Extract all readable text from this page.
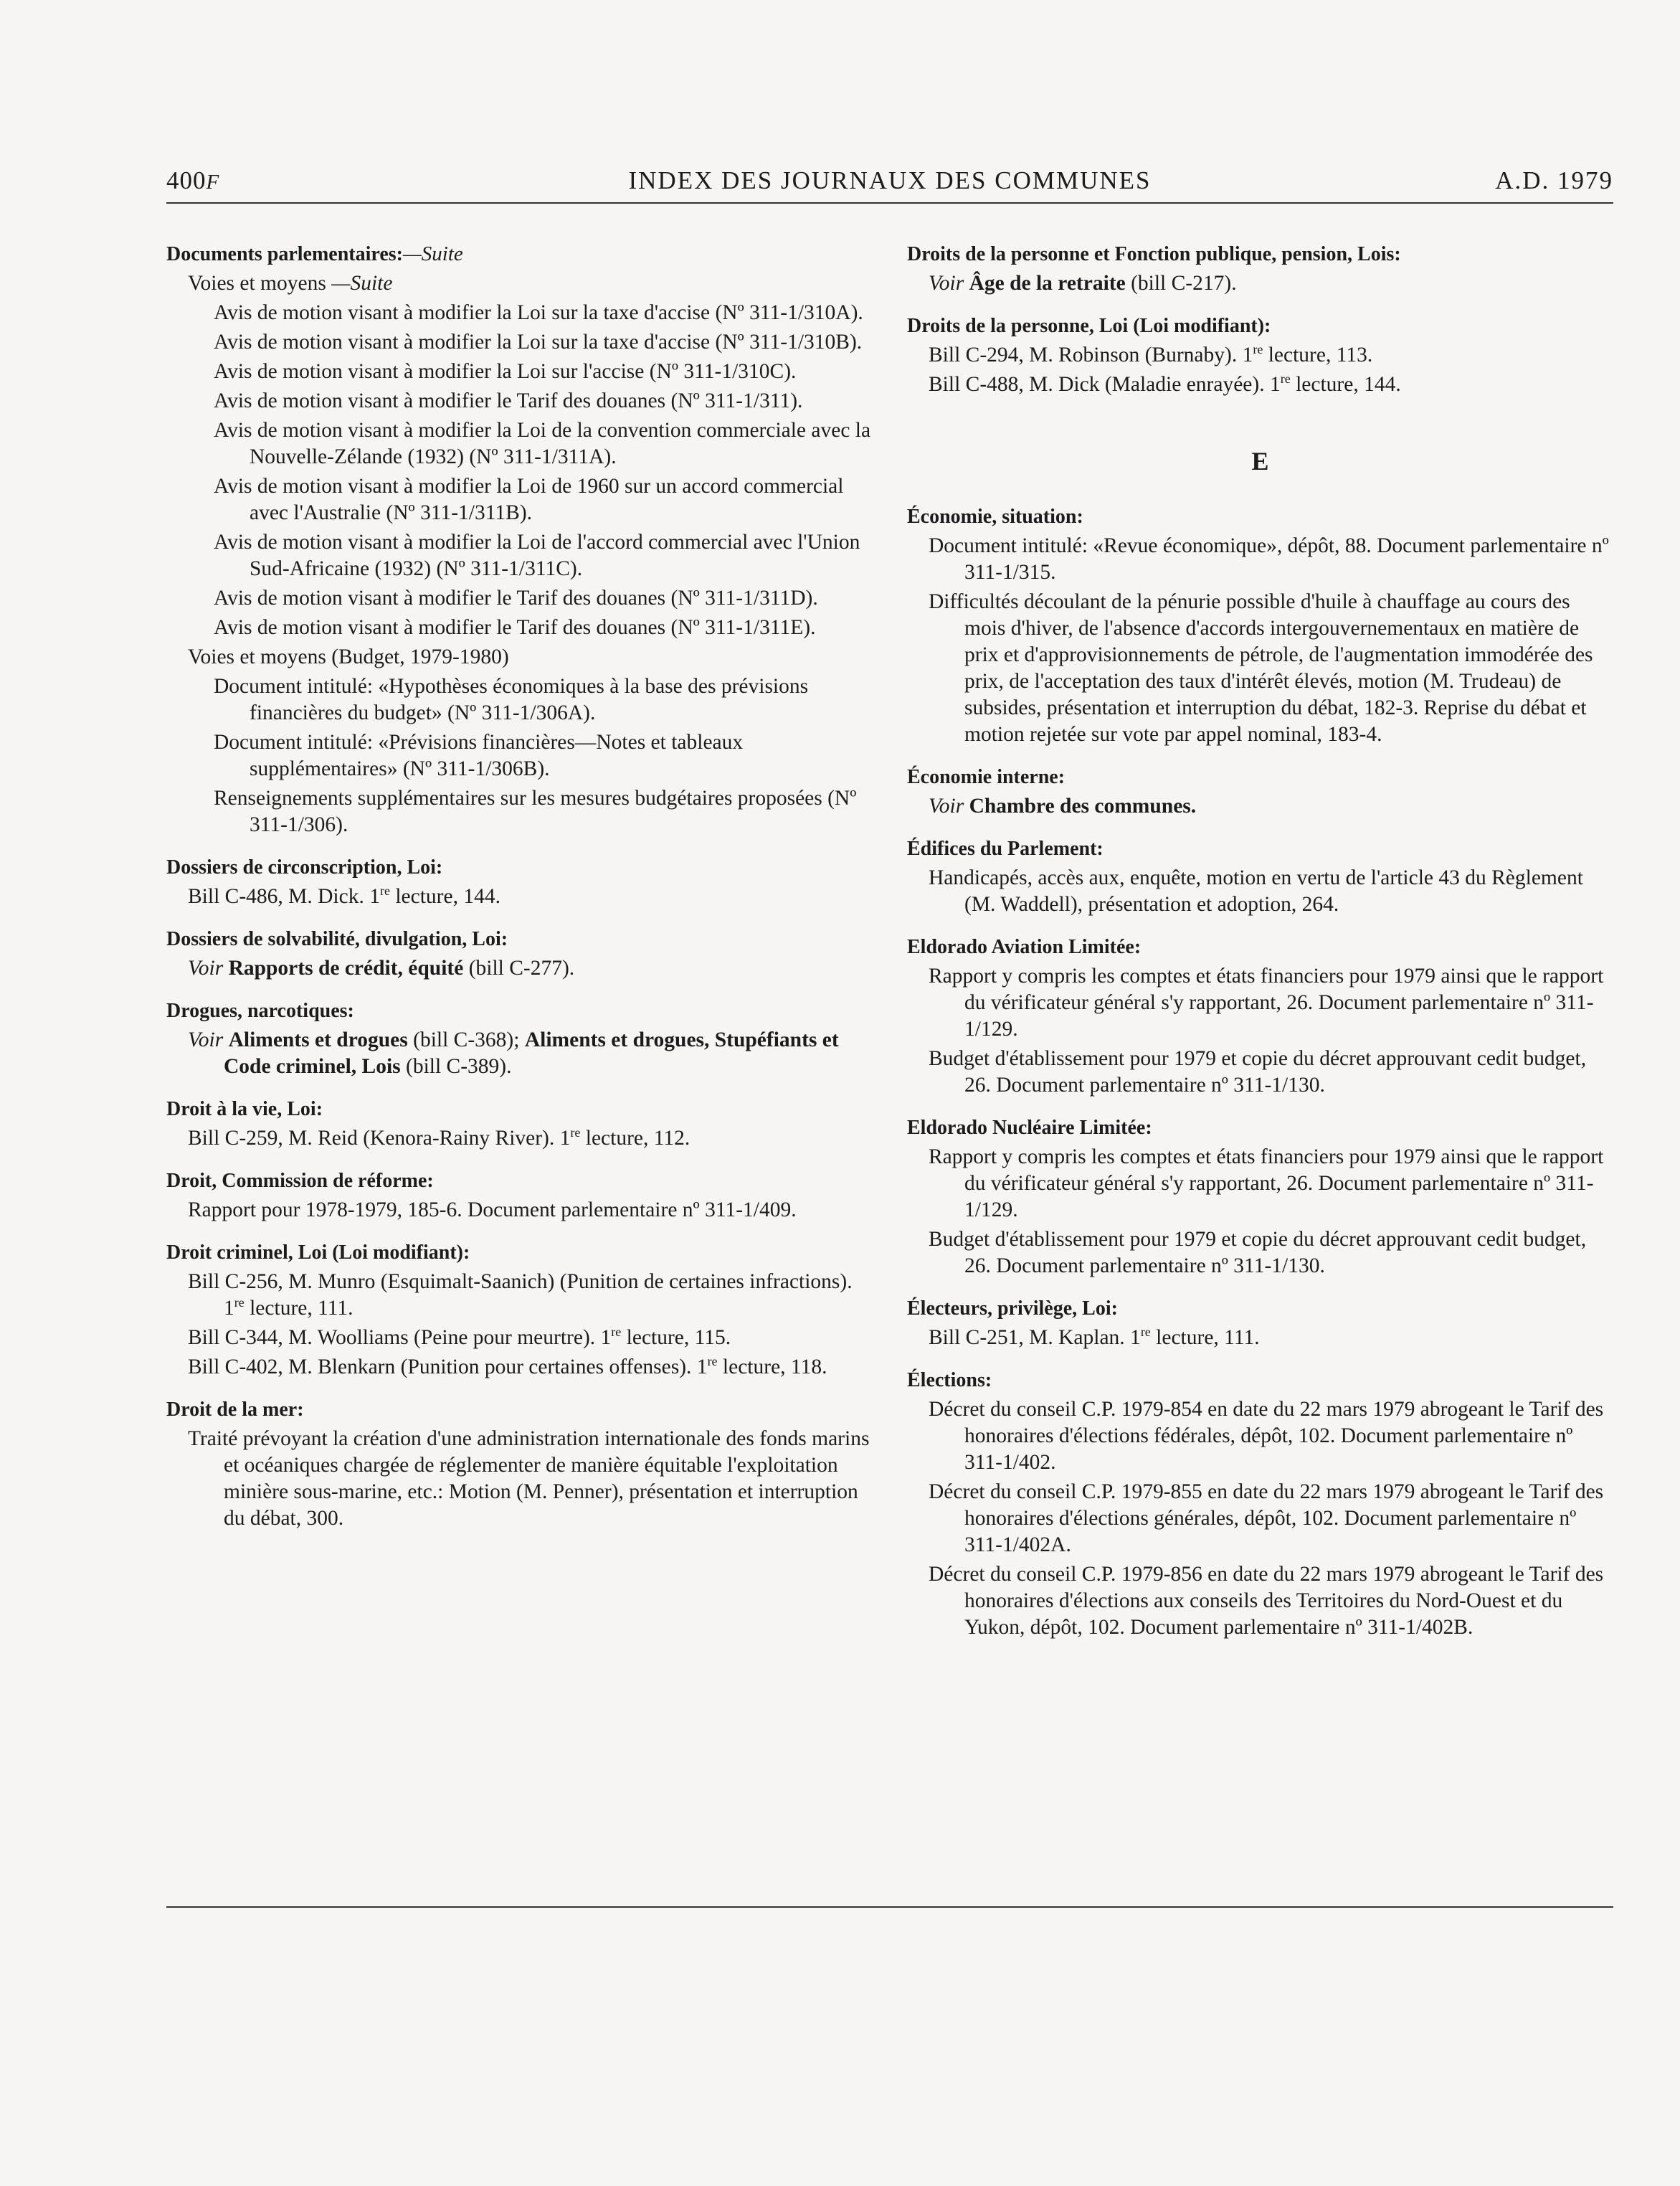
400F	INDEX DES JOURNAUX DES COMMUNES	A.D. 1979
Documents parlementaires:—Suite
Voies et moyens —Suite
Avis de motion visant à modifier la Loi sur la taxe d'accise (Nº 311-1/310A).
Avis de motion visant à modifier la Loi sur la taxe d'accise (Nº 311-1/310B).
Avis de motion visant à modifier la Loi sur l'accise (Nº 311-1/310C).
Avis de motion visant à modifier le Tarif des douanes (Nº 311-1/311).
Avis de motion visant à modifier la Loi de la convention commerciale avec la Nouvelle-Zélande (1932) (Nº 311-1/311A).
Avis de motion visant à modifier la Loi de 1960 sur un accord commercial avec l'Australie (Nº 311-1/311B).
Avis de motion visant à modifier la Loi de l'accord commercial avec l'Union Sud-Africaine (1932) (Nº 311-1/311C).
Avis de motion visant à modifier le Tarif des douanes (Nº 311-1/311D).
Avis de motion visant à modifier le Tarif des douanes (Nº 311-1/311E).
Voies et moyens (Budget, 1979-1980)
Document intitulé: «Hypothèses économiques à la base des prévisions financières du budget» (Nº 311-1/306A).
Document intitulé: «Prévisions financières—Notes et tableaux supplémentaires» (Nº 311-1/306B).
Renseignements supplémentaires sur les mesures budgétaires proposées (Nº 311-1/306).
Dossiers de circonscription, Loi:
Bill C-486, M. Dick. 1re lecture, 144.
Dossiers de solvabilité, divulgation, Loi:
Voir Rapports de crédit, équité (bill C-277).
Drogues, narcotiques:
Voir Aliments et drogues (bill C-368); Aliments et drogues, Stupéfiants et Code criminel, Lois (bill C-389).
Droit à la vie, Loi:
Bill C-259, M. Reid (Kenora-Rainy River). 1re lecture, 112.
Droit, Commission de réforme:
Rapport pour 1978-1979, 185-6. Document parlementaire nº 311-1/409.
Droit criminel, Loi (Loi modifiant):
Bill C-256, M. Munro (Esquimalt-Saanich) (Punition de certaines infractions). 1re lecture, 111.
Bill C-344, M. Woolliams (Peine pour meurtre). 1re lecture, 115.
Bill C-402, M. Blenkarn (Punition pour certaines offenses). 1re lecture, 118.
Droit de la mer:
Traité prévoyant la création d'une administration internationale des fonds marins et océaniques chargée de réglementer de manière équitable l'exploitation minière sous-marine, etc.: Motion (M. Penner), présentation et interruption du débat, 300.
Droits de la personne et Fonction publique, pension, Lois:
Voir Âge de la retraite (bill C-217).
Droits de la personne, Loi (Loi modifiant):
Bill C-294, M. Robinson (Burnaby). 1re lecture, 113.
Bill C-488, M. Dick (Maladie enrayée). 1re lecture, 144.
E
Économie, situation:
Document intitulé: «Revue économique», dépôt, 88. Document parlementaire nº 311-1/315.
Difficultés découlant de la pénurie possible d'huile à chauffage au cours des mois d'hiver, de l'absence d'accords intergouvernementaux en matière de prix et d'approvisionnements de pétrole, de l'augmentation immodérée des prix, de l'acceptation des taux d'intérêt élevés, motion (M. Trudeau) de subsides, présentation et interruption du débat, 182-3. Reprise du débat et motion rejetée sur vote par appel nominal, 183-4.
Économie interne:
Voir Chambre des communes.
Édifices du Parlement:
Handicapés, accès aux, enquête, motion en vertu de l'article 43 du Règlement (M. Waddell), présentation et adoption, 264.
Eldorado Aviation Limitée:
Rapport y compris les comptes et états financiers pour 1979 ainsi que le rapport du vérificateur général s'y rapportant, 26. Document parlementaire nº 311-1/129.
Budget d'établissement pour 1979 et copie du décret approuvant cedit budget, 26. Document parlementaire nº 311-1/130.
Eldorado Nucléaire Limitée:
Rapport y compris les comptes et états financiers pour 1979 ainsi que le rapport du vérificateur général s'y rapportant, 26. Document parlementaire nº 311-1/129.
Budget d'établissement pour 1979 et copie du décret approuvant cedit budget, 26. Document parlementaire nº 311-1/130.
Électeurs, privilège, Loi:
Bill C-251, M. Kaplan. 1re lecture, 111.
Élections:
Décret du conseil C.P. 1979-854 en date du 22 mars 1979 abrogeant le Tarif des honoraires d'élections fédérales, dépôt, 102. Document parlementaire nº 311-1/402.
Décret du conseil C.P. 1979-855 en date du 22 mars 1979 abrogeant le Tarif des honoraires d'élections générales, dépôt, 102. Document parlementaire nº 311-1/402A.
Décret du conseil C.P. 1979-856 en date du 22 mars 1979 abrogeant le Tarif des honoraires d'élections aux conseils des Territoires du Nord-Ouest et du Yukon, dépôt, 102. Document parlementaire nº 311-1/402B.
